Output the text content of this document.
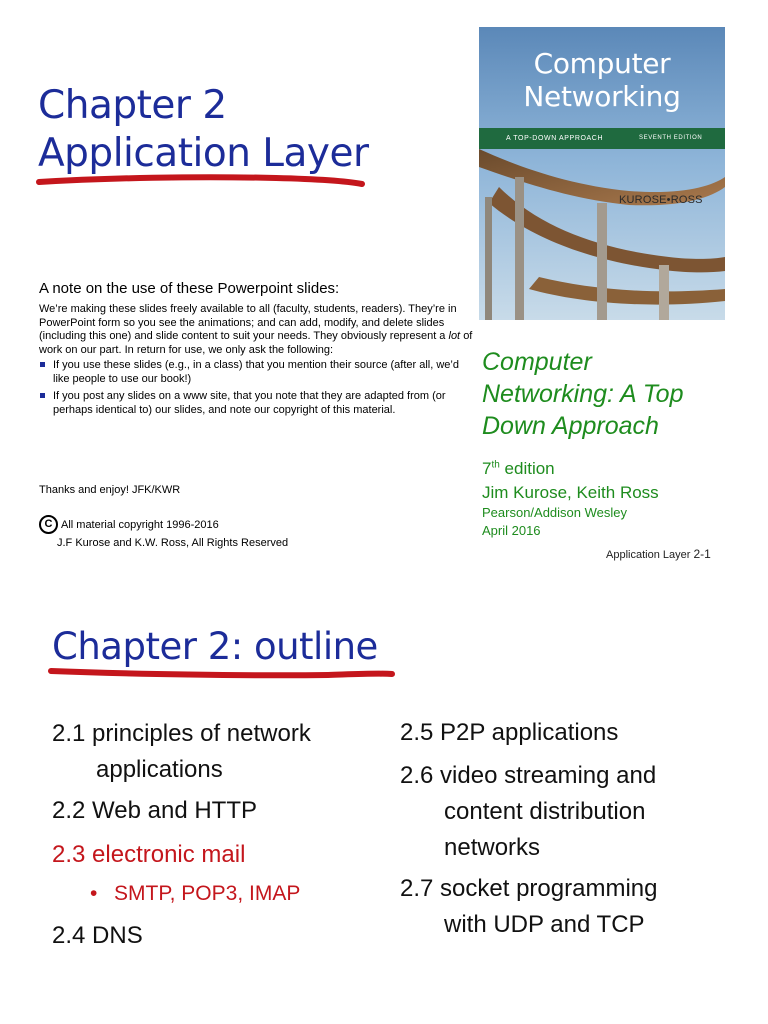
Chapter 2
Application Layer
A note on the use of these Powerpoint slides:

We’re making these slides freely available to all (faculty, students, readers). They’re in PowerPoint form so you see the animations; and can add, modify, and delete slides (including this one) and slide content to suit your needs. They obviously represent a lot of work on our part. In return for use, we only ask the following:

If you use these slides (e.g., in a class) that you mention their source (after all, we’d like people to use our book!)
If you post any slides on a www site, that you note that they are adapted from (or perhaps identical to) our slides, and note our copyright of this material.
Thanks and enjoy! JFK/KWR
C All material copyright 1996-2016
J.F Kurose and K.W. Ross, All Rights Reserved
Computer
Networking
A TOP-DOWN APPROACH	SEVENTH EDITION
KUROSE•ROSS
Computer
Networking: A Top
Down Approach
7th edition
Jim Kurose, Keith Ross
Pearson/Addison Wesley
April 2016
Application Layer 2-1
Chapter 2: outline
2.1 principles of network
applications
2.2 Web and HTTP
2.3 electronic mail
• SMTP, POP3, IMAP
2.4 DNS
2.5 P2P applications
2.6 video streaming and
content distribution
networks
2.7 socket programming
with UDP and TCP
